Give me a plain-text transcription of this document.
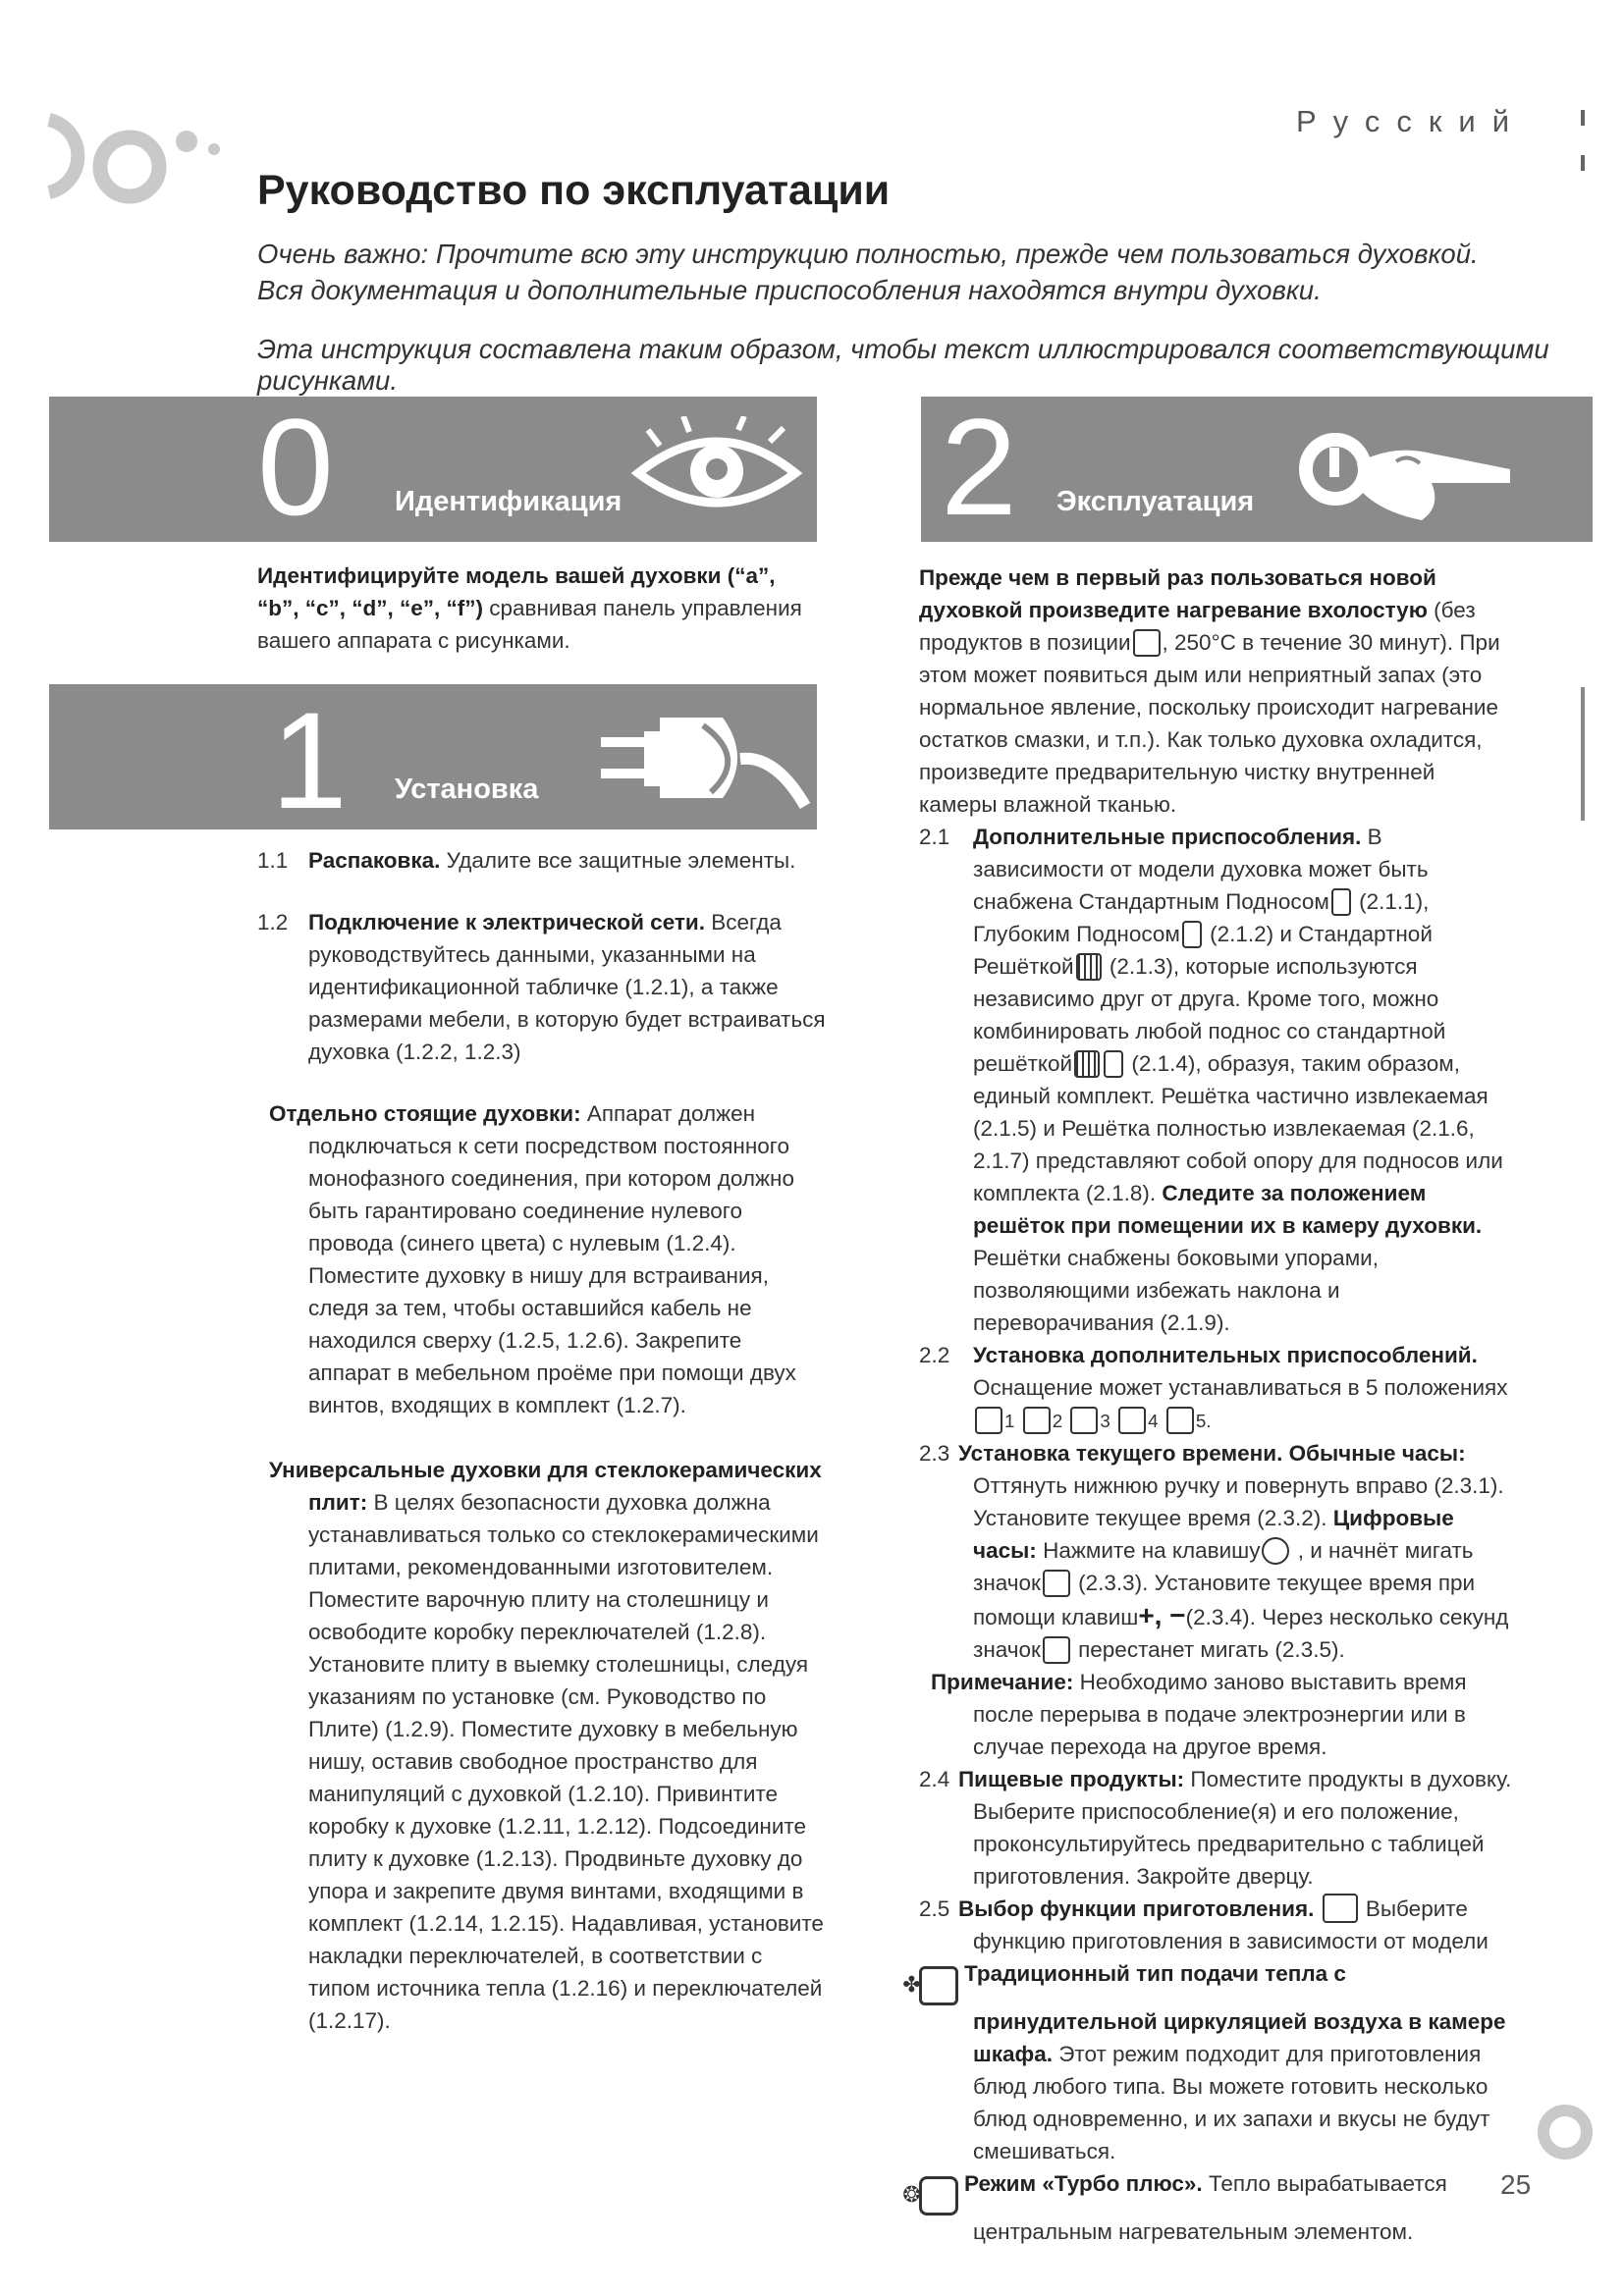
Русский
Руководство по эксплуатации
Очень важно: Прочтите всю эту инструкцию полностью, прежде чем пользоваться духовкой. Вся документация и дополнительные приспособления находятся внутри духовки.
Эта инструкция составлена таким образом, чтобы текст иллюстрировался соответствующими рисунками.
0 Идентификация
1 Установка
2 Эксплуатация

Идентифицируйте модель вашей духовки (“a”, “b”, “c”, “d”, “e”, “f”) сравнивая панель управления вашего аппарата с рисунками.

1.1 Распаковка. Удалите все защитные элементы.

1.2 Подключение к электрической сети. Всегда руководствуйтесь данными, указанными на идентификационной табличке (1.2.1), а также размерами мебели, в которую будет встраиваться духовка (1.2.2, 1.2.3)

Отдельно стоящие духовки: Аппарат должен подключаться к сети посредством постоянного монофазного соединения, при котором должно быть гарантировано соединение нулевого провода (синего цвета) с нулевым (1.2.4). Поместите духовку в нишу для встраивания, следя за тем, чтобы оставшийся кабель не находился сверху (1.2.5, 1.2.6). Закрепите аппарат в мебельном проёме при помощи двух винтов, входящих в комплект (1.2.7).

Универсальные духовки для стеклокерамических плит: В целях безопасности духовка должна устанавливаться только со стеклокерамическими плитами, рекомендованными изготовителем. Поместите варочную плиту на столешницу и освободите коробку переключателей (1.2.8). Установите плиту в выемку столешницы, следуя указаниям по установке (см. Руководство по Плите) (1.2.9). Поместите духовку в мебельную нишу, оставив свободное пространство для манипуляций с духовкой (1.2.10). Привинтите коробку к духовке (1.2.11, 1.2.12). Подсоедините плиту к духовке (1.2.13). Продвиньте духовку до упора и закрепите двумя винтами, входящими в комплект (1.2.14, 1.2.15). Надавливая, установите накладки переключателей, в соответствии с типом источника тепла (1.2.16) и переключателей (1.2.17).

Прежде чем в первый раз пользоваться новой духовкой произведите нагревание вхолостую (без продуктов в позиции , 250°C в течение 30 минут). При этом может появиться дым или неприятный запах (это нормальное явление, поскольку происходит нагревание остатков смазки, и т.п.). Как только духовка охладится, произведите предварительную чистку внутренней камеры влажной тканью.

2.1 Дополнительные приспособления. В зависимости от модели духовка может быть снабжена Стандартным Подносом (2.1.1), Глубоким Подносом (2.1.2) и Стандартной Решёткой (2.1.3), которые используются независимо друг от друга. Кроме того, можно комбинировать любой поднос со стандартной решёткой (2.1.4), образуя, таким образом, единый комплект. Решётка частично извлекаемая (2.1.5) и Решётка полностью извлекаемая (2.1.6, 2.1.7) представляют собой опору для подносов или комплекта (2.1.8). Следите за положением решёток при помещении их в камеру духовки. Решётки снабжены боковыми упорами, позволяющими избежать наклона и переворачивания (2.1.9).

2.2 Установка дополнительных приспособлений.
Оснащение может устанавливаться в 5 положениях
1 2 3 4 5.

2.3 Установка текущего времени. Обычные часы:
Оттянуть нижнюю ручку и повернуть вправо (2.3.1). Установите текущее время (2.3.2). Цифровые часы: Нажмите на клавишу , и начнёт мигать значок (2.3.3). Установите текущее время при помощи клавиш+, −(2.3.4). Через несколько секунд значок перестанет мигать (2.3.5).

Примечание: Необходимо заново выставить время после перерыва в подаче электроэнергии или в случае перехода на другое время.

2.4 Пищевые продукты: Поместите продукты в духовку. Выберите приспособление(я) и его положение, проконсультируйтесь предварительно с таблицей приготовления. Закройте дверцу.

2.5 Выбор функции приготовления.  Выберите
функцию приготовления в зависимости от модели

✤ Традиционный тип подачи тепла с принудительной циркуляцией воздуха в камере шкафа. Этот режим подходит для приготовления блюд любого типа. Вы можете готовить несколько блюд одновременно, и их запахи и вкусы не будут смешиваться.

❂ Режим «Турбо плюс». Тепло вырабатывается центральным нагревательным элементом.

25
